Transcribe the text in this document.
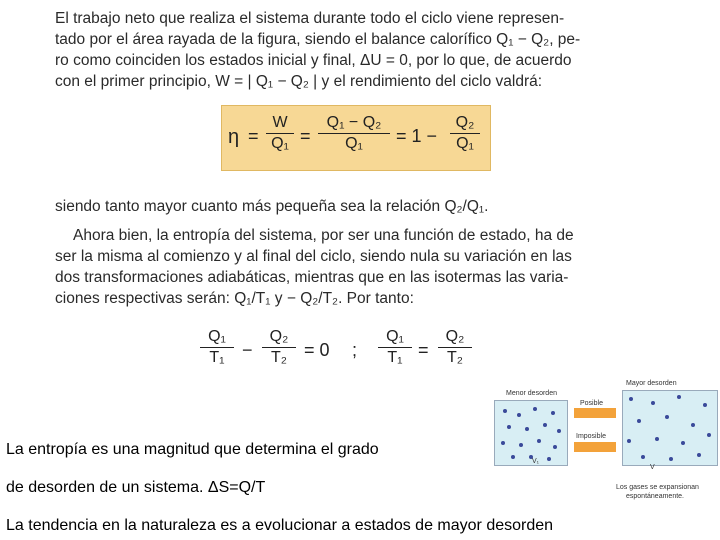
El trabajo neto que realiza el sistema durante todo el ciclo viene represen-

tado por el área rayada de la figura, siendo el balance calorífico Q₁ − Q₂, pe-

ro como coinciden los estados inicial y final, ΔU = 0, por lo que, de acuerdo

con el primer principio, W = | Q₁ − Q₂ | y el rendimiento del ciclo valdrá:

$\eta = \frac{W}{\text{Q₁}} = \frac{\text{Q₁ − Q₂}}{\text{Q₁}} = 1 - \frac{\text{Q₂}}{\text{Q₁}}$

siendo tanto mayor cuanto más pequeña sea la relación Q₂/Q₁.

Ahora bien, la entropía del sistema, por ser una función de estado, ha de

ser la misma al comienzo y al final del ciclo, siendo nula su variación en las

dos transformaciones adiabáticas, mientras que en las isotermas las varia-

ciones respectivas serán: Q₁/T₁ y − Q₂/T₂. Por tanto:

$\frac{\text{Q₁}}{\text{T₁}} - \frac{\text{Q₂}}{\text{T₂}} = 0$ ; $\frac{\text{Q₁}}{\text{T₁}} = \frac{\text{Q₂}}{\text{T₂}}$
Menor desorden
Mayor desorden
Posible
Imposible
V₁
V
Los gases se expansionan
espontáneamente.
La entropía es una magnitud que determina el grado
de desorden de un sistema. ΔS=Q/T
La tendencia en la naturaleza es a evolucionar a estados de mayor desorden
